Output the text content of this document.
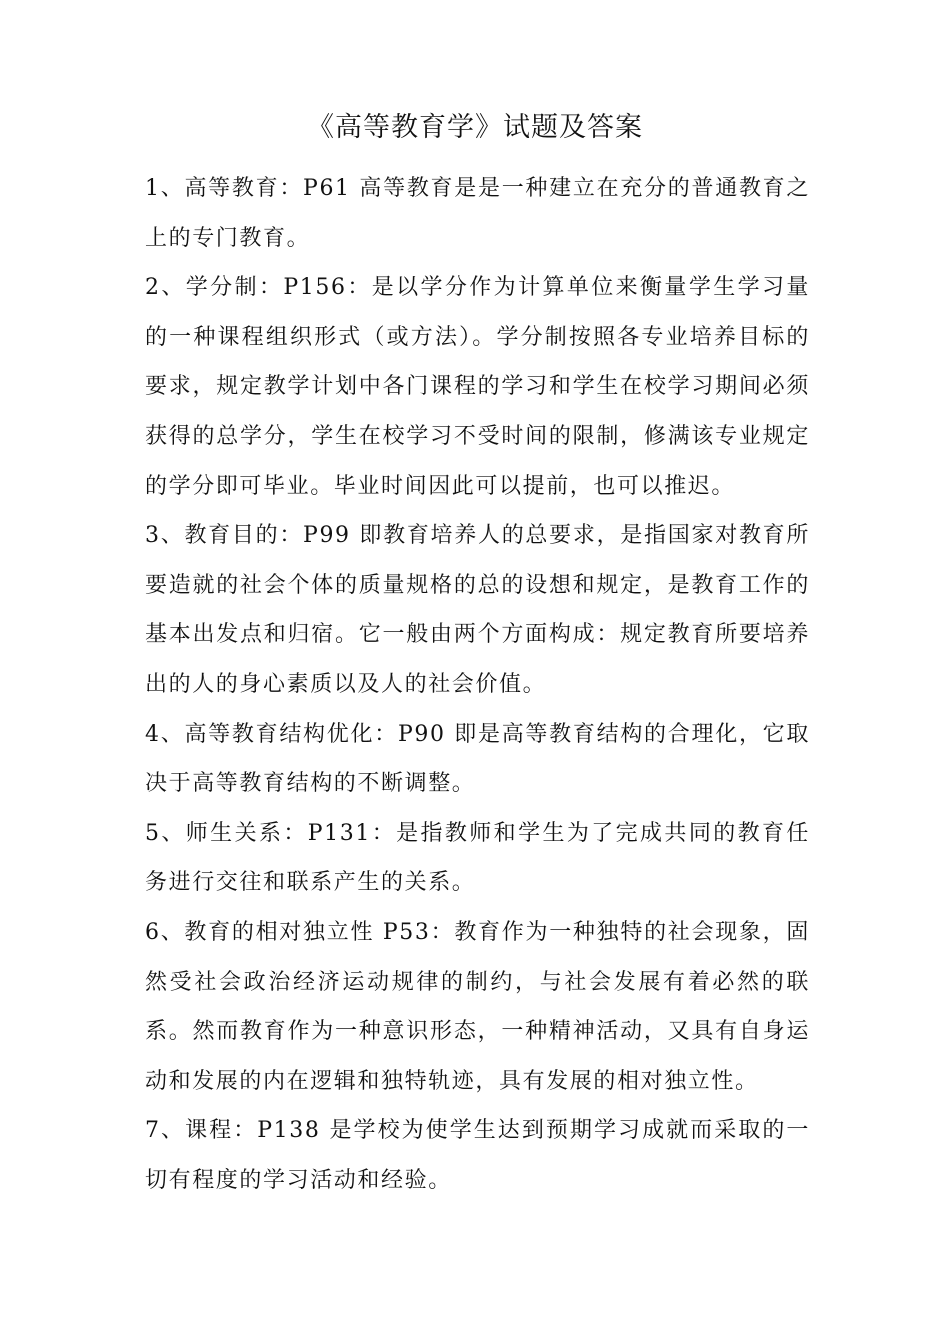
《高等教育学》试题及答案

1、高等教育：P61 高等教育是是一种建立在充分的普通教育之上的专门教育。

2、学分制：P156：是以学分作为计算单位来衡量学生学习量的一种课程组织形式（或方法）。学分制按照各专业培养目标的要求，规定教学计划中各门课程的学习和学生在校学习期间必须获得的总学分，学生在校学习不受时间的限制，修满该专业规定的学分即可毕业。毕业时间因此可以提前，也可以推迟。

3、教育目的：P99 即教育培养人的总要求，是指国家对教育所要造就的社会个体的质量规格的总的设想和规定，是教育工作的基本出发点和归宿。它一般由两个方面构成：规定教育所要培养出的人的身心素质以及人的社会价值。

4、高等教育结构优化：P90 即是高等教育结构的合理化，它取决于高等教育结构的不断调整。

5、师生关系：P131：是指教师和学生为了完成共同的教育任务进行交往和联系产生的关系。

6、教育的相对独立性 P53：教育作为一种独特的社会现象，固然受社会政治经济运动规律的制约，与社会发展有着必然的联系。然而教育作为一种意识形态，一种精神活动，又具有自身运动和发展的内在逻辑和独特轨迹，具有发展的相对独立性。

7、课程：P138 是学校为使学生达到预期学习成就而采取的一切有程度的学习活动和经验。
